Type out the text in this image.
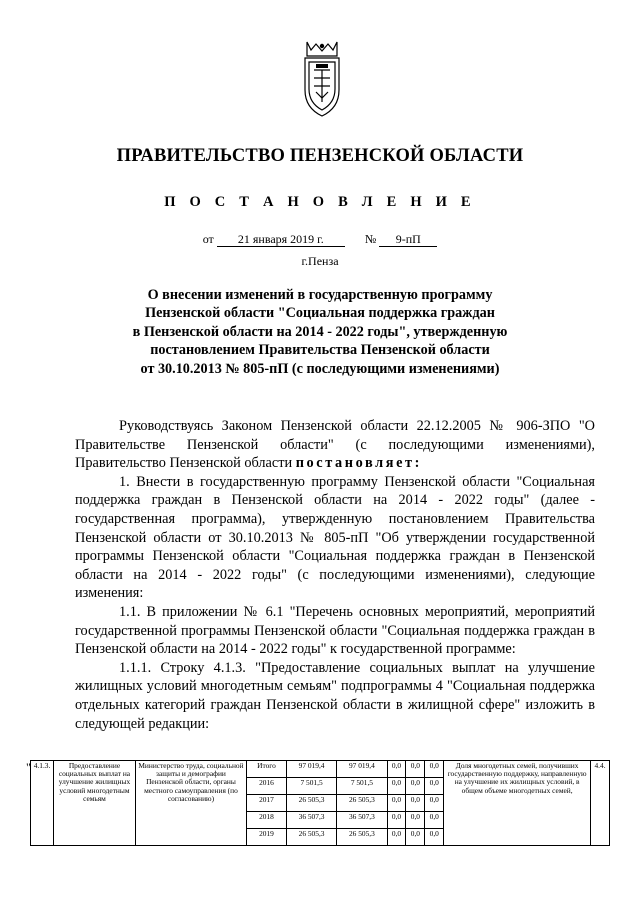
ПРАВИТЕЛЬСТВО ПЕНЗЕНСКОЙ ОБЛАСТИ
П О С Т А Н О В Л Е Н И Е
от 21 января 2019 г.	№ 9-пП
г.Пенза
О внесении изменений в государственную программу
Пензенской области "Социальная поддержка граждан
в Пензенской области на 2014 - 2022 годы", утвержденную
постановлением Правительства Пензенской области
от 30.10.2013 № 805-пП (с последующими изменениями)

Руководствуясь Законом Пензенской области 22.12.2005 № 906-ЗПО "О Правительстве Пензенской области" (с последующими изменениями), Правительство Пензенской области постановляет:

1. Внести в государственную программу Пензенской области "Социальная поддержка граждан в Пензенской области на 2014 - 2022 годы" (далее - государственная программа), утвержденную постановлением Правительства Пензенской области от 30.10.2013 № 805-пП "Об утверждении государственной программы Пензенской области "Социальная поддержка граждан в Пензенской области на 2014 - 2022 годы" (с последующими изменениями), следующие изменения:

1.1. В приложении № 6.1 "Перечень основных мероприятий, мероприятий государственной программы Пензенской области "Социальная поддержка граждан в Пензенской области на 2014 - 2022 годы" к государственной программе:

1.1.1. Строку 4.1.3. "Предоставление социальных выплат на улучшение жилищных условий многодетным семьям" подпрограммы 4 "Социальная поддержка отдельных категорий граждан Пензенской области в жилищной сфере" изложить в следующей редакции:

" 4.1.3.	Предоставление социальных выплат на улучшение жилищных условий многодетным семьям	Министерство труда, социальной защиты и демографии Пензенской области, органы местного самоуправления (по согласованию)	Итого	97 019,4	97 019,4	0,0	0,0	0,0	Доля многодетных семей, получивших государственную поддержку, направленную на улучшение их жилищных условий, в общем объеме многодетных семей,	4.4.
			2016	7 501,5	7 501,5	0,0	0,0	0,0		
			2017	26 505,3	26 505,3	0,0	0,0	0,0		
			2018	36 507,3	36 507,3	0,0	0,0	0,0		
			2019	26 505,3	26 505,3	0,0	0,0	0,0		
